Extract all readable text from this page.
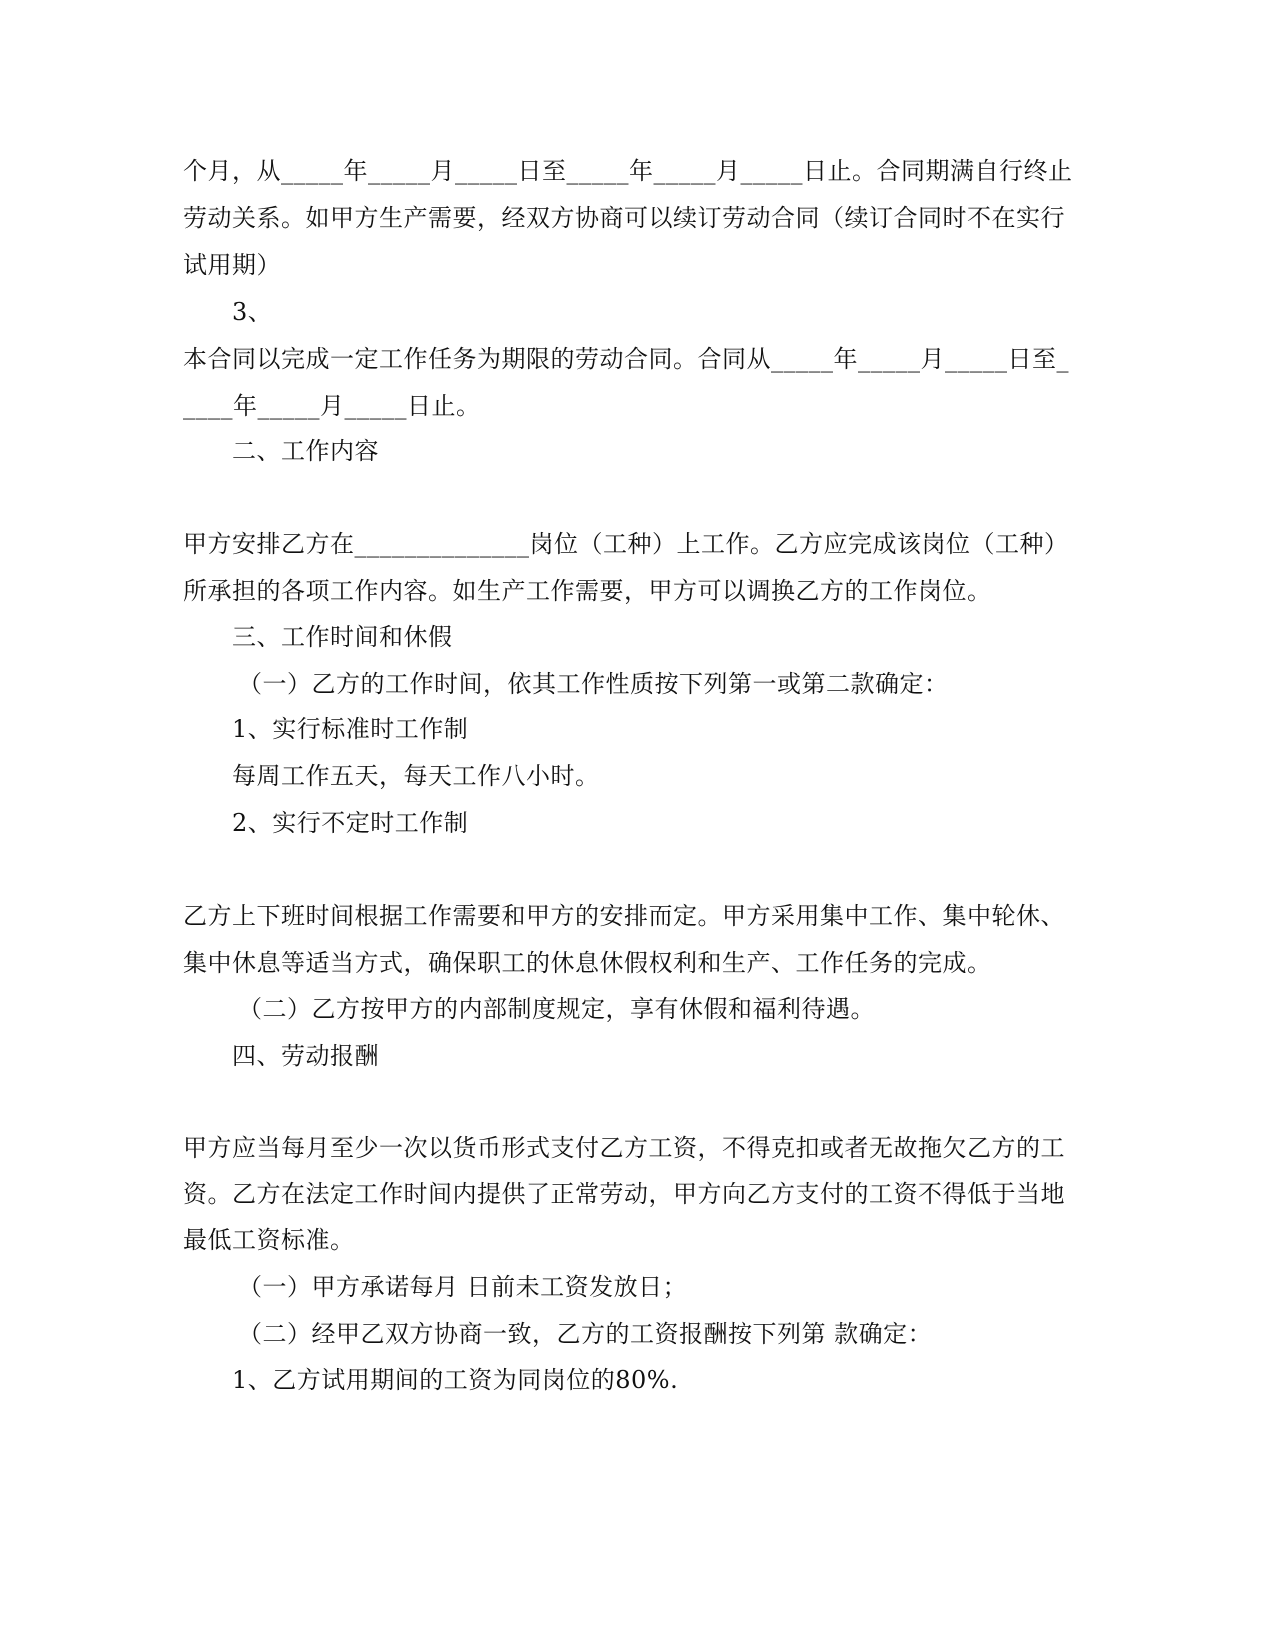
个月，从_____年_____月_____日至_____年_____月_____日止。合同期满自行终止
劳动关系。如甲方生产需要，经双方协商可以续订劳动合同（续订合同时不在实行
试用期）
3、
本合同以完成一定工作任务为期限的劳动合同。合同从_____年_____月_____日至_
____年_____月_____日止。
二、工作内容
甲方安排乙方在______________岗位（工种）上工作。乙方应完成该岗位（工种）
所承担的各项工作内容。如生产工作需要，甲方可以调换乙方的工作岗位。
三、工作时间和休假
（一）乙方的工作时间，依其工作性质按下列第一或第二款确定：
1、实行标准时工作制
每周工作五天，每天工作八小时。
2、实行不定时工作制
乙方上下班时间根据工作需要和甲方的安排而定。甲方采用集中工作、集中轮休、
集中休息等适当方式，确保职工的休息休假权利和生产、工作任务的完成。
（二）乙方按甲方的内部制度规定，享有休假和福利待遇。
四、劳动报酬
甲方应当每月至少一次以货币形式支付乙方工资，不得克扣或者无故拖欠乙方的工
资。乙方在法定工作时间内提供了正常劳动，甲方向乙方支付的工资不得低于当地
最低工资标准。
（一）甲方承诺每月 日前未工资发放日；
（二）经甲乙双方协商一致，乙方的工资报酬按下列第 款确定：
1、乙方试用期间的工资为同岗位的80%.
